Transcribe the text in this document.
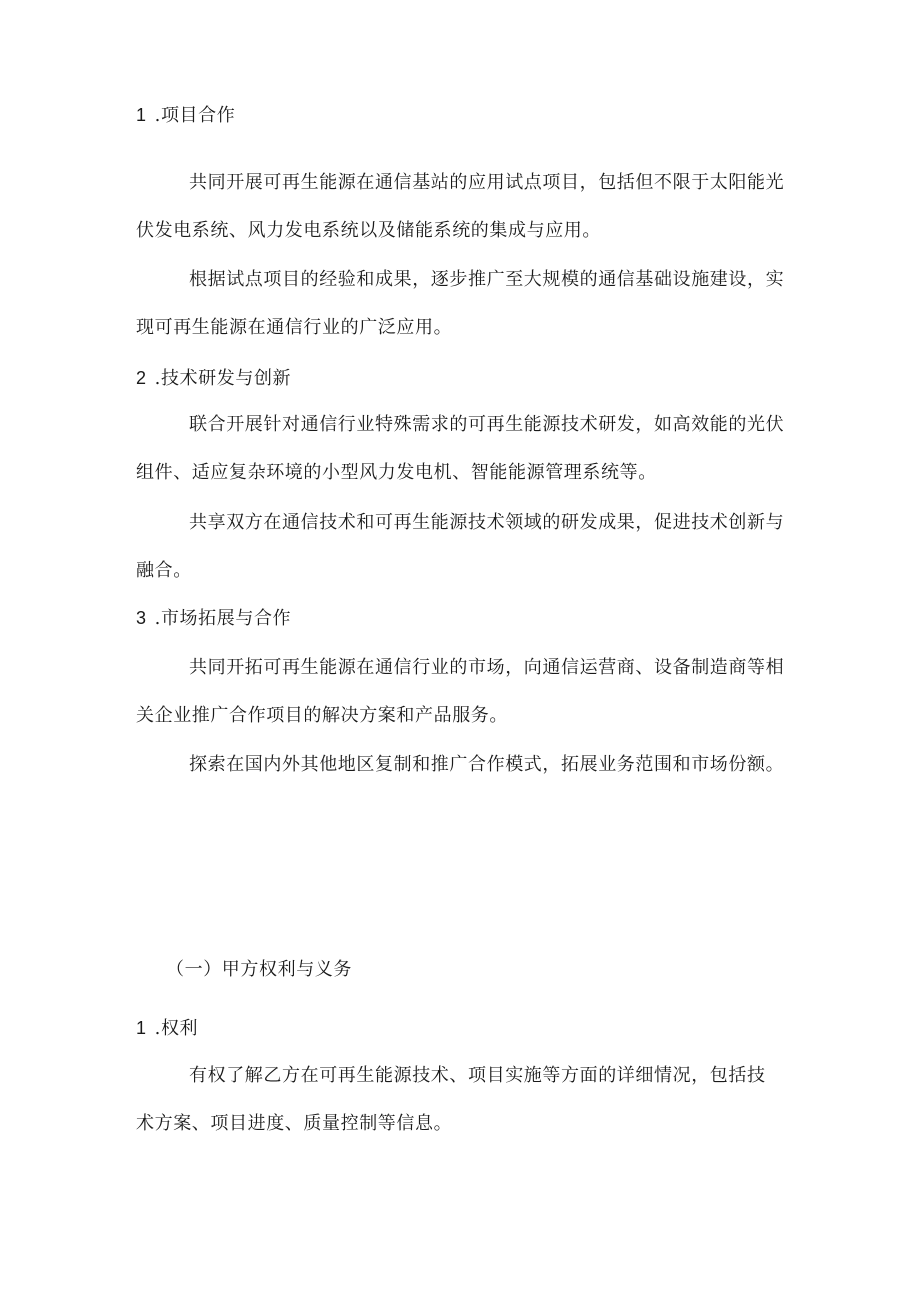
1 .项目合作
共同开展可再生能源在通信基站的应用试点项目，包括但不限于太阳能光
伏发电系统、风力发电系统以及储能系统的集成与应用。
根据试点项目的经验和成果，逐步推广至大规模的通信基础设施建设，实
现可再生能源在通信行业的广泛应用。
2 .技术研发与创新
联合开展针对通信行业特殊需求的可再生能源技术研发，如高效能的光伏
组件、适应复杂环境的小型风力发电机、智能能源管理系统等。
共享双方在通信技术和可再生能源技术领域的研发成果，促进技术创新与
融合。
3 .市场拓展与合作
共同开拓可再生能源在通信行业的市场，向通信运营商、设备制造商等相
关企业推广合作项目的解决方案和产品服务。
探索在国内外其他地区复制和推广合作模式，拓展业务范围和市场份额。
（一）甲方权利与义务
1 .权利
有权了解乙方在可再生能源技术、项目实施等方面的详细情况，包括技
术方案、项目进度、质量控制等信息。
